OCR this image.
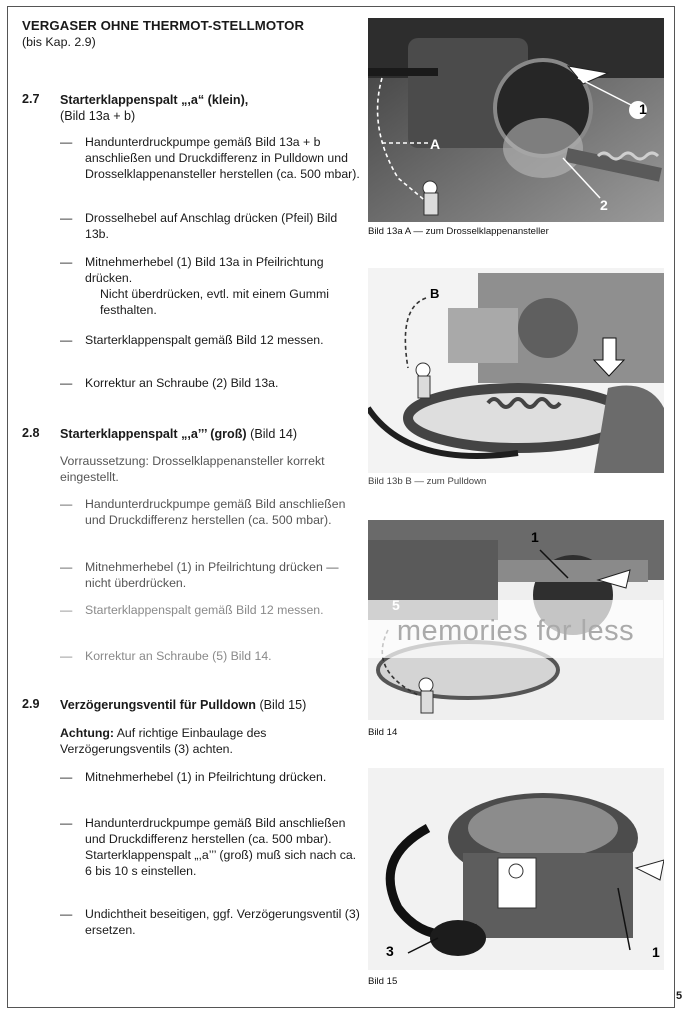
VERGASER OHNE THERMOT-STELLMOTOR
(bis Kap. 2.9)
2.7 Starterklappenspalt „,a“ (klein),
(Bild 13a + b)
— Handunterdruckpumpe gemäß Bild 13a + b anschließen und Druckdifferenz in Pulldown und Drosselklappenansteller herstellen (ca. 500 mbar).
— Drosselhebel auf Anschlag drücken (Pfeil) Bild 13b.
— Mitnehmerhebel (1) Bild 13a in Pfeilrichtung drücken.
Nicht überdrücken, evtl. mit einem Gummi festhalten.
— Starterklappenspalt gemäß Bild 12 messen.
— Korrektur an Schraube (2) Bild 13a.
2.8 Starterklappenspalt „,a’’’ (groß) (Bild 14)
Vorraussetzung: Drosselklappenansteller korrekt eingestellt.
— Handunterdruckpumpe gemäß Bild anschließen und Druckdifferenz herstellen (ca. 500 mbar).
— Mitnehmerhebel (1) in Pfeilrichtung drücken — nicht überdrücken.
— Starterklappenspalt gemäß Bild 12 messen.
— Korrektur an Schraube (5) Bild 14.
2.9 Verzögerungsventil für Pulldown (Bild 15)
Achtung: Auf richtige Einbaulage des Verzögerungsventils (3) achten.
— Mitnehmerhebel (1) in Pfeilrichtung drücken.
— Handunterdruckpumpe gemäß Bild anschließen und Druckdifferenz herstellen (ca. 500 mbar).
Starterklappenspalt „,a’’’ (groß) muß sich nach ca. 6 bis 10 s einstellen.
— Undichtheit beseitigen, ggf. Verzögerungsventil (3) ersetzen.
1
A
2
Bild 13a A — zum Drosselklappenansteller
B
Bild 13b B — zum Pulldown
1
memories for less
Bild 14
3	1
Bild 15
5
